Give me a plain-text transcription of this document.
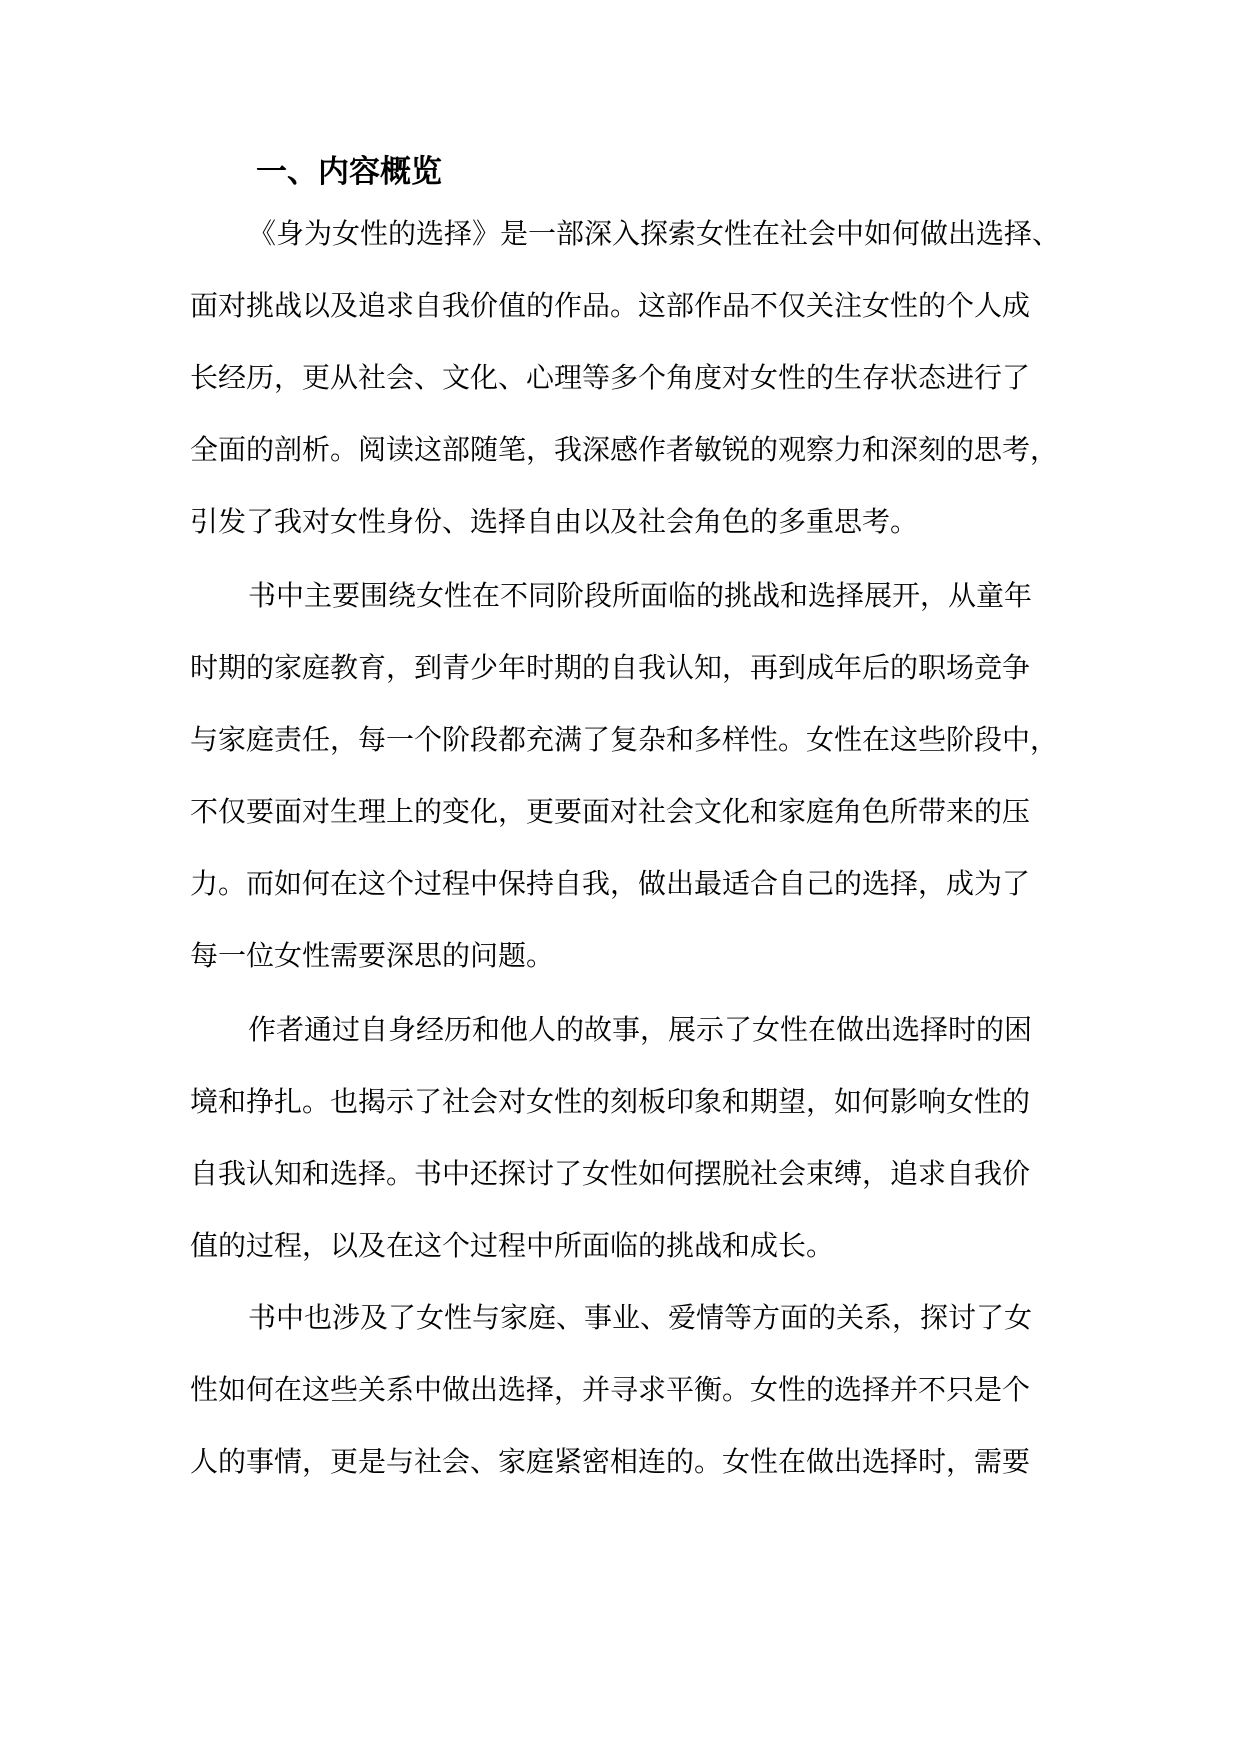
一、内容概览
《身为女性的选择》是一部深入探索女性在社会中如何做出选择、
面对挑战以及追求自我价值的作品。这部作品不仅关注女性的个人成
长经历，更从社会、文化、心理等多个角度对女性的生存状态进行了
全面的剖析。阅读这部随笔，我深感作者敏锐的观察力和深刻的思考，
引发了我对女性身份、选择自由以及社会角色的多重思考。
书中主要围绕女性在不同阶段所面临的挑战和选择展开，从童年
时期的家庭教育，到青少年时期的自我认知，再到成年后的职场竞争
与家庭责任，每一个阶段都充满了复杂和多样性。女性在这些阶段中，
不仅要面对生理上的变化，更要面对社会文化和家庭角色所带来的压
力。而如何在这个过程中保持自我，做出最适合自己的选择，成为了
每一位女性需要深思的问题。
作者通过自身经历和他人的故事，展示了女性在做出选择时的困
境和挣扎。也揭示了社会对女性的刻板印象和期望，如何影响女性的
自我认知和选择。书中还探讨了女性如何摆脱社会束缚，追求自我价
值的过程，以及在这个过程中所面临的挑战和成长。
书中也涉及了女性与家庭、事业、爱情等方面的关系，探讨了女
性如何在这些关系中做出选择，并寻求平衡。女性的选择并不只是个
人的事情，更是与社会、家庭紧密相连的。女性在做出选择时，需要
